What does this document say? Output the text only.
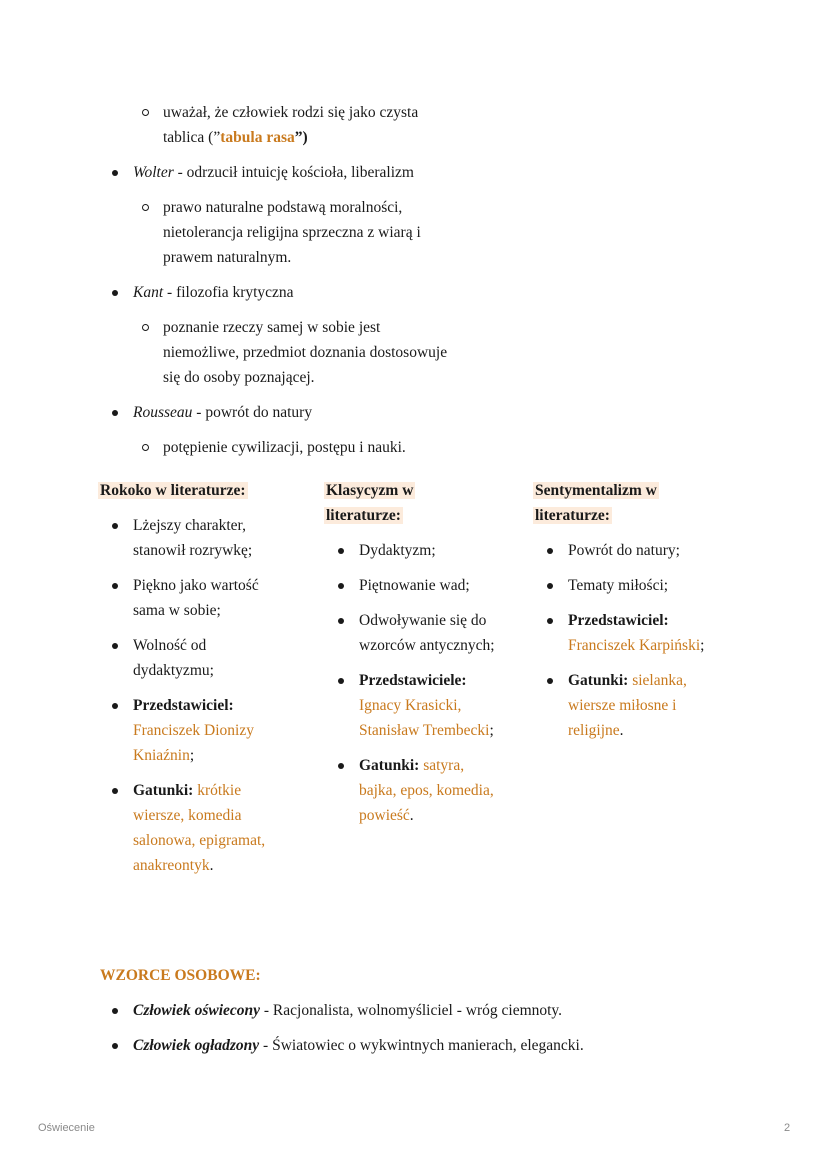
uważał, że człowiek rodzi się jako czysta
tablica (”tabula rasa”)
Wolter - odrzucił intuicję kościoła, liberalizm
prawo naturalne podstawą moralności,
nietolerancja religijna sprzeczna z wiarą i
prawem naturalnym.
Kant - filozofia krytyczna
poznanie rzeczy samej w sobie jest
niemożliwe, przedmiot doznania dostosowuje
się do osoby poznającej.
Rousseau - powrót do natury
potępienie cywilizacji, postępu i nauki.
Rokoko w literaturze:
Lżejszy charakter,
stanowił rozrywkę;
Piękno jako wartość
sama w sobie;
Wolność od
dydaktyzmu;
Przedstawiciel:
Franciszek Dionizy
Kniaźnin;
Gatunki: krótkie
wiersze, komedia
salonowa, epigramat,
anakreontyk.
Klasycyzm w
literaturze:
Dydaktyzm;
Piętnowanie wad;
Odwoływanie się do
wzorców antycznych;
Przedstawiciele:
Ignacy Krasicki,
Stanisław Trembecki;
Gatunki: satyra,
bajka, epos, komedia,
powieść.
Sentymentalizm w
literaturze:
Powrót do natury;
Tematy miłości;
Przedstawiciel:
Franciszek Karpiński;
Gatunki: sielanka,
wiersze miłosne i
religijne.
WZORCE OSOBOWE:
Człowiek oświecony - Racjonalista, wolnomyśliciel - wróg ciemnoty.
Człowiek ogładzony - Światowiec o wykwintnych manierach, elegancki.
Oświecenie	2
